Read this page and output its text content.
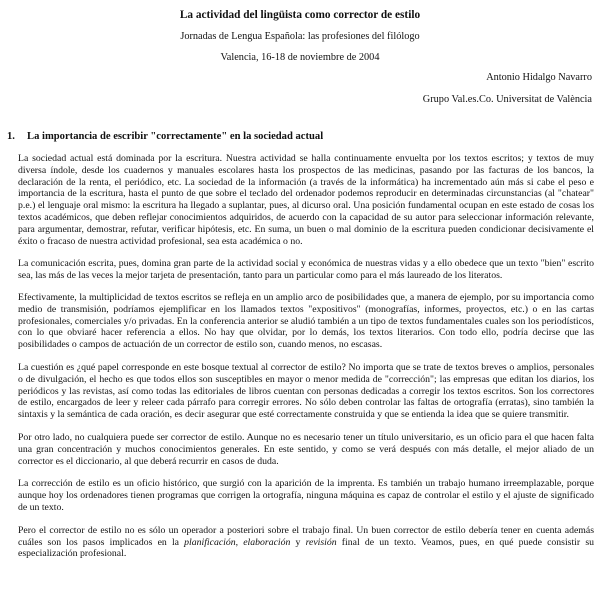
La actividad del lingüista como corrector de estilo
Jornadas de Lengua Española: las profesiones del filólogo
Valencia, 16-18 de noviembre de 2004
Antonio Hidalgo Navarro
Grupo Val.es.Co. Universitat de València
1. La importancia de escribir "correctamente" en la sociedad actual

La sociedad actual está dominada por la escritura. Nuestra actividad se halla continuamente envuelta por los textos escritos; y textos de muy diversa índole, desde los cuadernos y manuales escolares hasta los prospectos de las medicinas, pasando por las facturas de los bancos, la declaración de la renta, el periódico, etc. La sociedad de la información (a través de la informática) ha incrementado aún más si cabe el peso e importancia de la escritura, hasta el punto de que sobre el teclado del ordenador podemos reproducir en determinadas circunstancias (al "chatear" p.e.) el lenguaje oral mismo: la escritura ha llegado a suplantar, pues, al dicurso oral. Una posición fundamental ocupan en este estado de cosas los textos académicos, que deben reflejar conocimientos adquiridos, de acuerdo con la capacidad de su autor para seleccionar información relevante, para argumentar, demostrar, refutar, verificar hipótesis, etc. En suma, un buen o mal dominio de la escritura pueden condicionar decisivamente el éxito o fracaso de nuestra actividad profesional, sea esta académica o no.

La comunicación escrita, pues, domina gran parte de la actividad social y económica de nuestras vidas y a ello obedece que un texto "bien" escrito sea, las más de las veces la mejor tarjeta de presentación, tanto para un particular como para el más laureado de los literatos.

Efectivamente, la multiplicidad de textos escritos se refleja en un amplio arco de posibilidades que, a manera de ejemplo, por su importancia como medio de transmisión, podríamos ejemplificar en los llamados textos "expositivos" (monografías, informes, proyectos, etc.) o en las cartas profesionales, comerciales y/o privadas. En la conferencia anterior se aludió también a un tipo de textos fundamentales cuales son los periodísticos, con lo que obviaré hacer referencia a ellos. No hay que olvidar, por lo demás, los textos literarios. Con todo ello, podría decirse que las posibilidades o campos de actuación de un corrector de estilo son, cuando menos, no escasas.

La cuestión es ¿qué papel corresponde en este bosque textual al corrector de estilo? No importa que se trate de textos breves o amplios, personales o de divulgación, el hecho es que todos ellos son susceptibles en mayor o menor medida de "corrección"; las empresas que editan los diarios, los periódicos y las revistas, así como todas las editoriales de libros cuentan con personas dedicadas a corregir los textos escritos. Son los correctores de estilo, encargados de leer y releer cada párrafo para corregir errores. No sólo deben controlar las faltas de ortografía (erratas), sino también la sintaxis y la semántica de cada oración, es decir asegurar que esté correctamente construida y que se entienda la idea que se quiere transmitir.

Por otro lado, no cualquiera puede ser corrector de estilo. Aunque no es necesario tener un título universitario, es un oficio para el que hacen falta una gran concentración y muchos conocimientos generales. En este sentido, y como se verá después con más detalle, el mejor aliado de un corrector es el diccionario, al que deberá recurrir en casos de duda.

La corrección de estilo es un oficio histórico, que surgió con la aparición de la imprenta. Es también un trabajo humano irreemplazable, porque aunque hoy los ordenadores tienen programas que corrigen la ortografía, ninguna máquina es capaz de controlar el estilo y el ajuste de significado de un texto.

Pero el corrector de estilo no es sólo un operador a posteriori sobre el trabajo final. Un buen corrector de estilo debería tener en cuenta además cuáles son los pasos implicados en la planificación, elaboración y revisión final de un texto. Veamos, pues, en qué puede consistir su especialización profesional.
